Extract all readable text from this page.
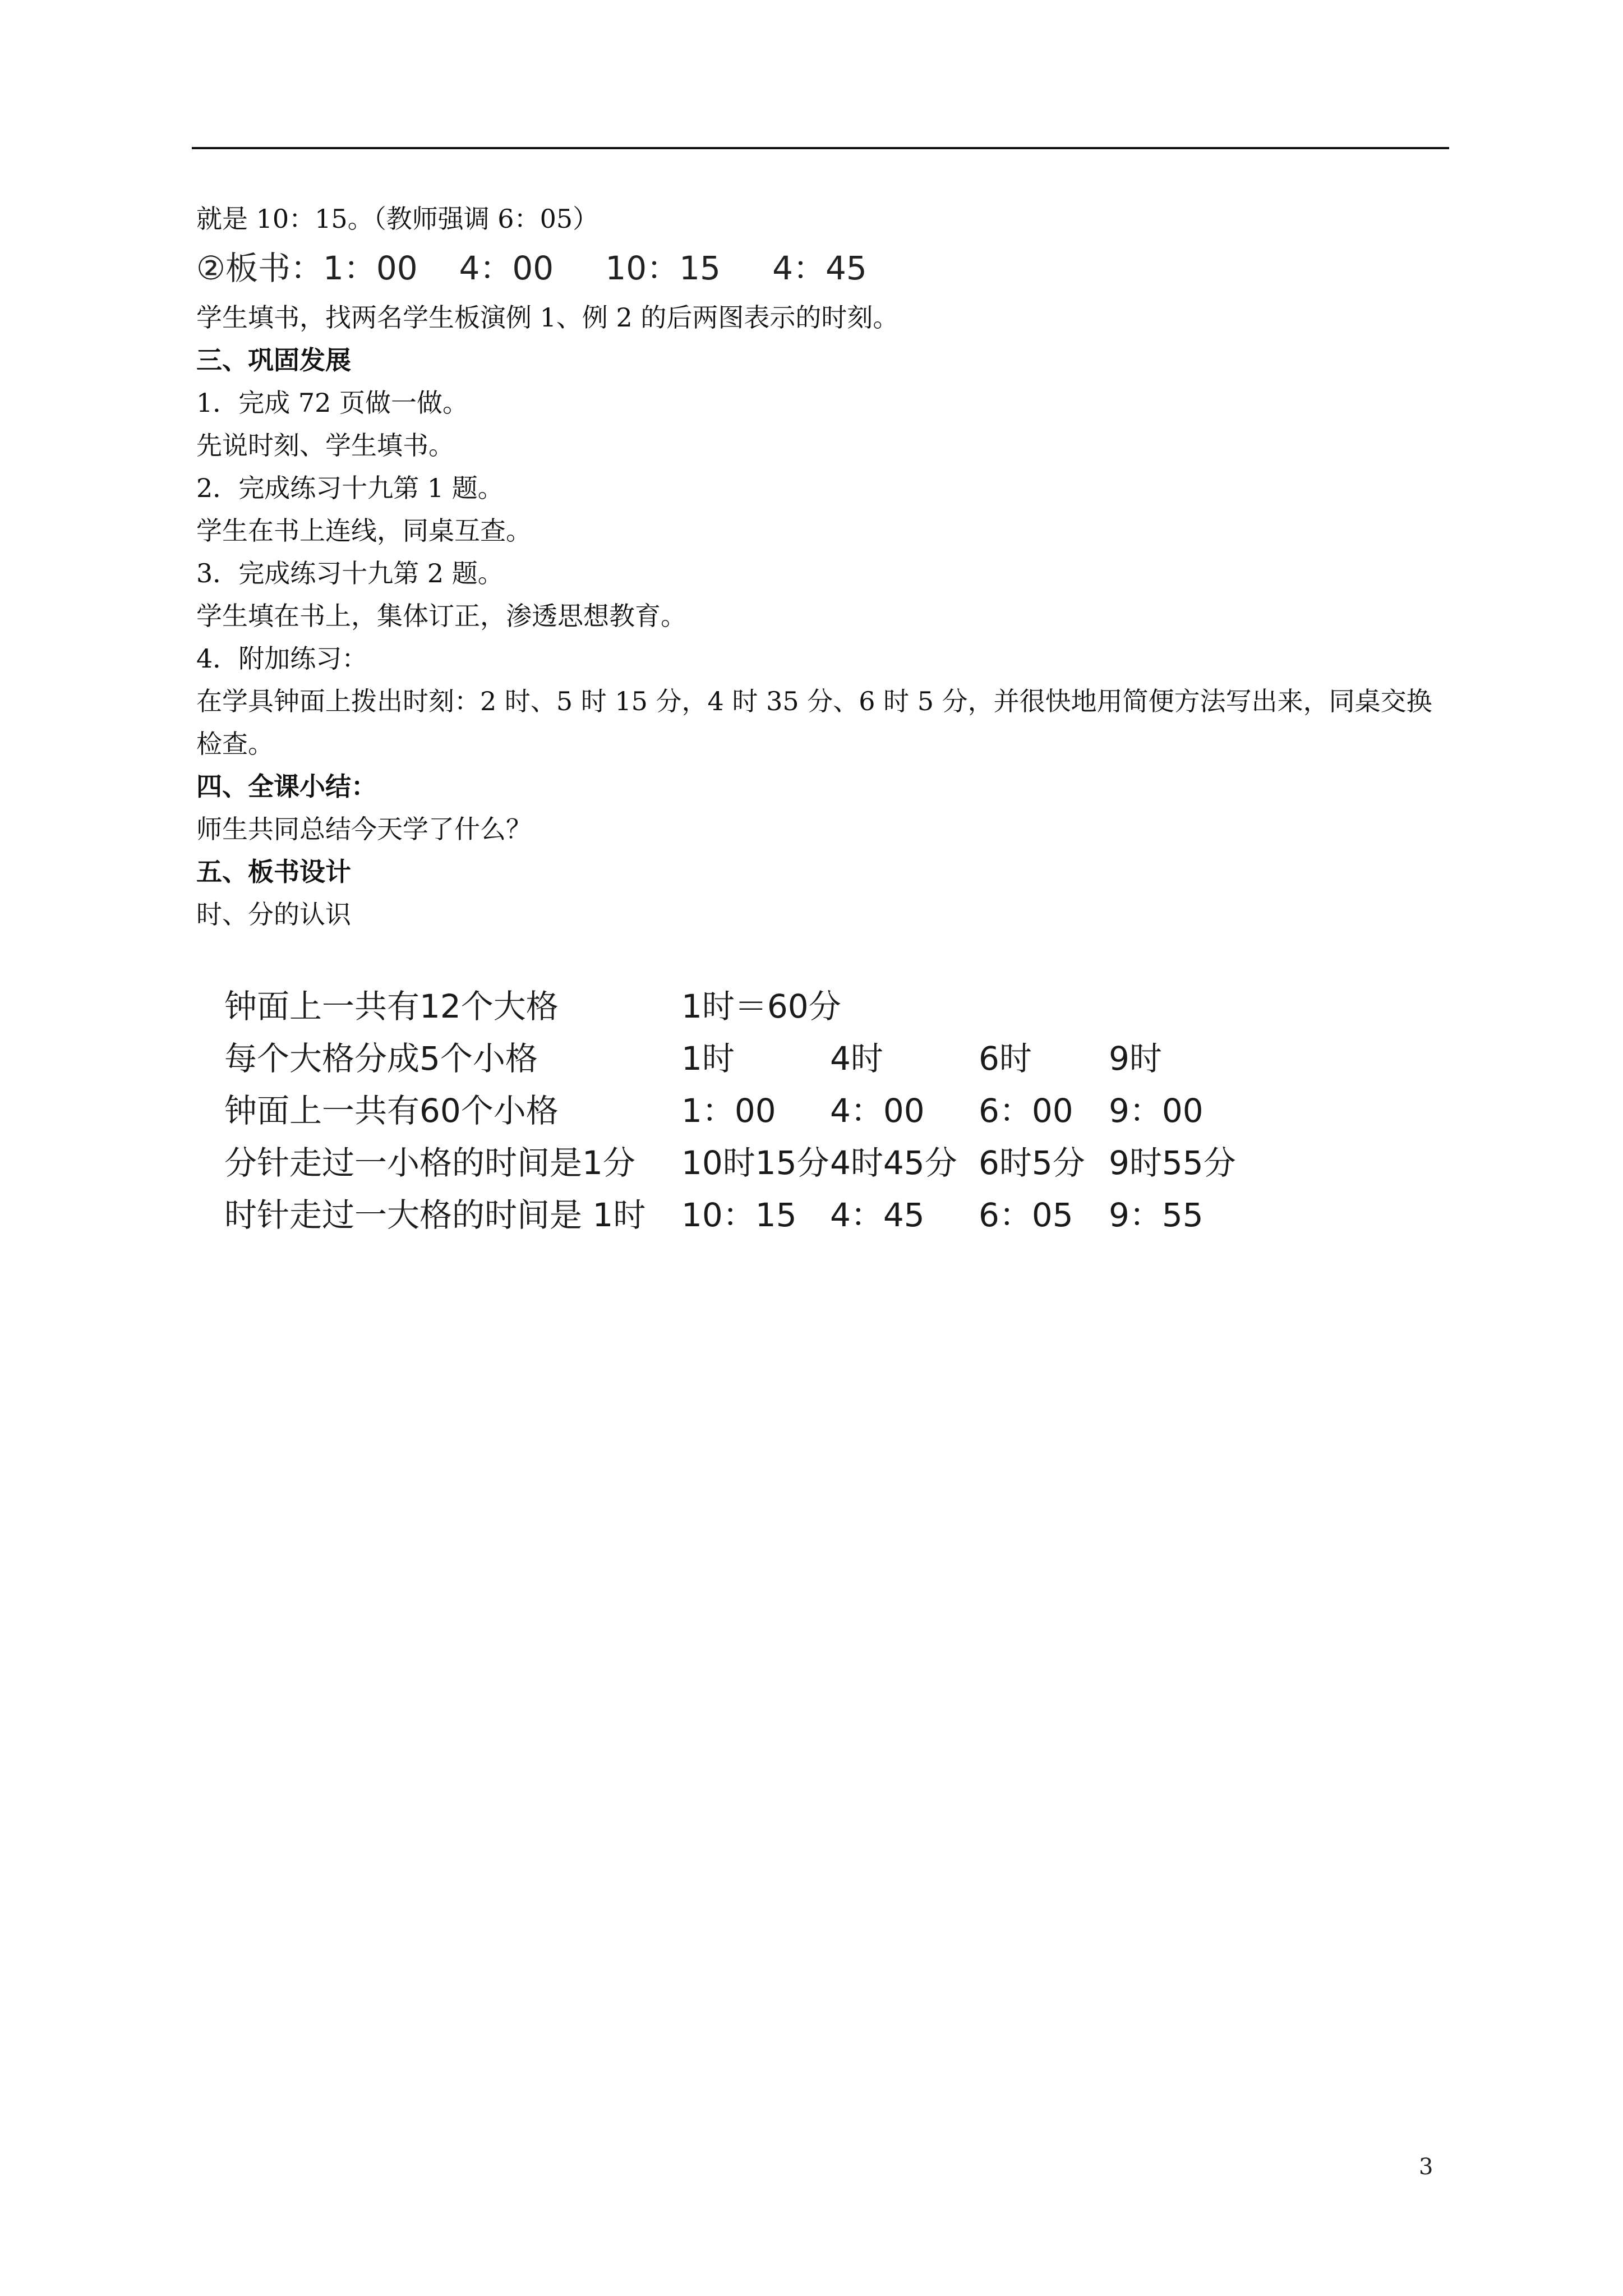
就是 10：15。（教师强调 6：05）
②板书：1：00    4：00     10：15     4：45
学生填书，找两名学生板演例 1、例 2 的后两图表示的时刻。
三、巩固发展
1．完成 72 页做一做。
先说时刻、学生填书。
2．完成练习十九第 1 题。
学生在书上连线，同桌互查。
3．完成练习十九第 2 题。
学生填在书上，集体订正，渗透思想教育。
4．附加练习：
在学具钟面上拨出时刻：2 时、5 时 15 分，4 时 35 分、6 时 5 分，并很快地用简便方法写出来，同桌交换检查。
四、全课小结：
师生共同总结今天学了什么？
五、板书设计
时、分的认识
钟面上一共有12个大格	1时＝60分
每个大格分成5个小格	1时	4时	6时	9时
钟面上一共有60个小格	1：00	4：00	6：00	9：00
分针走过一小格的时间是1分	10时15分 4时45分 6时5分 9时55分
时针走过一大格的时间是 1时	10：15	4：45	6：05	9：55
3
